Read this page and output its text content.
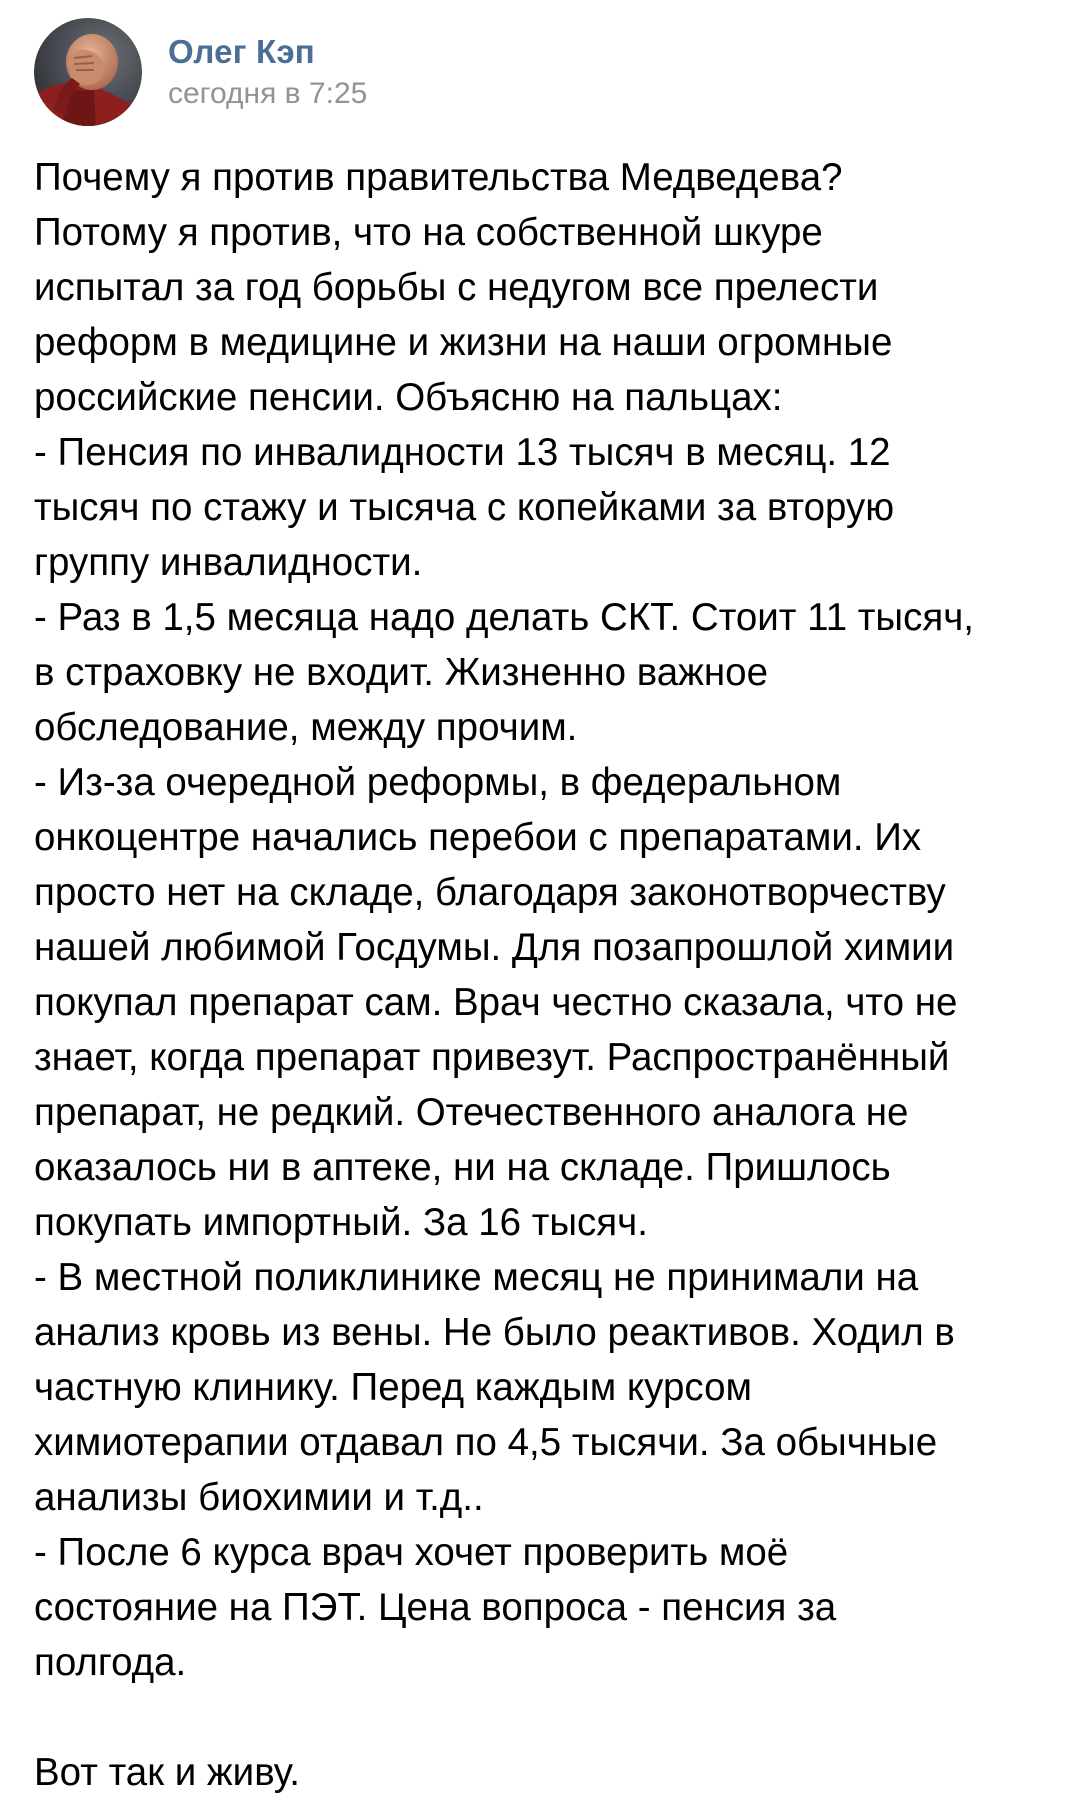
Олег Кэп
сегодня в 7:25
Почему я против правительства Медведева?
Потому я против, что на собственной шкуре
испытал за год борьбы с недугом все прелести
реформ в медицине и жизни на наши огромные
российские пенсии. Объясню на пальцах:
- Пенсия по инвалидности 13 тысяч в месяц. 12
тысяч по стажу и тысяча с копейками за вторую
группу инвалидности.
- Раз в 1,5 месяца надо делать СКТ. Стоит 11 тысяч,
в страховку не входит. Жизненно важное
обследование, между прочим.
- Из-за очередной реформы, в федеральном
онкоцентре начались перебои с препаратами. Их
просто нет на складе, благодаря законотворчеству
нашей любимой Госдумы. Для позапрошлой химии
покупал препарат сам. Врач честно сказала, что не
знает, когда препарат привезут. Распространённый
препарат, не редкий. Отечественного аналога не
оказалось ни в аптеке, ни на складе. Пришлось
покупать импортный. За 16 тысяч.
- В местной поликлинике месяц не принимали на
анализ кровь из вены. Не было реактивов. Ходил в
частную клинику. Перед каждым курсом
химиотерапии отдавал по 4,5 тысячи. За обычные
анализы биохимии и т.д..
- После 6 курса врач хочет проверить моё
состояние на ПЭТ. Цена вопроса - пенсия за
полгода.
Вот так и живу.
